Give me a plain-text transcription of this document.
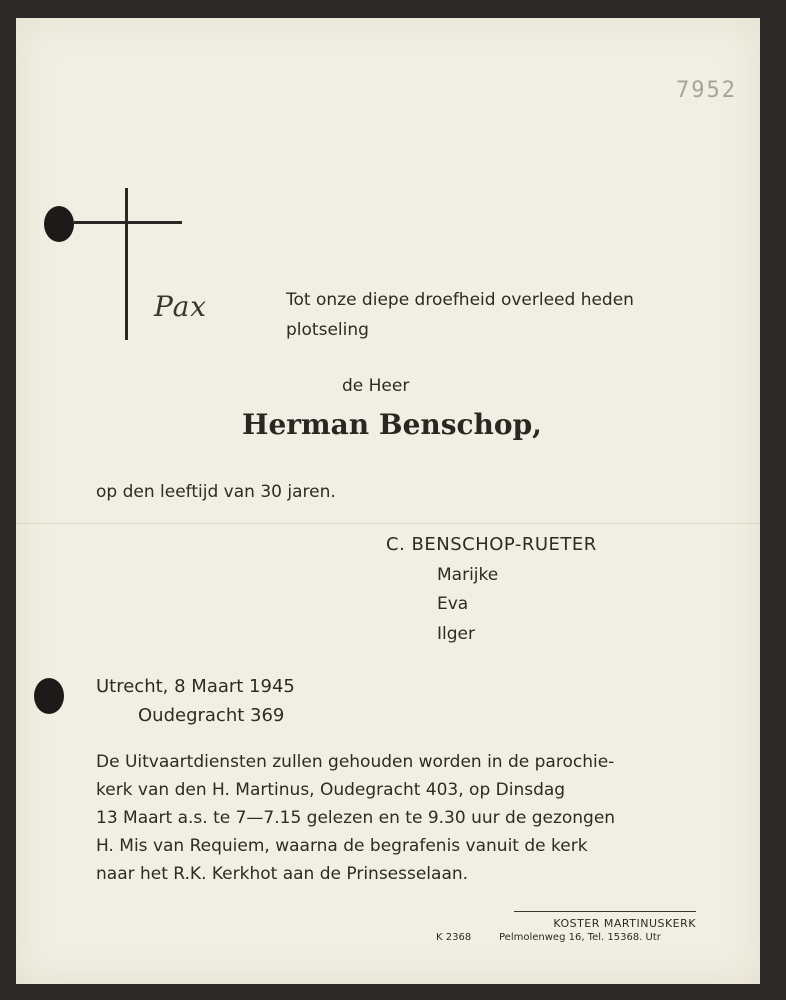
7952
Pax	Tot onze diepe droefheid overleed heden
plotseling
de Heer
Herman Benschop,
op den leeftijd van 30 jaren.
C. BENSCHOP-RUETER
Marijke
Eva
Ilger
Utrecht, 8 Maart 1945
Oudegracht 369
De Uitvaartdiensten zullen gehouden worden in de parochie-
kerk van den H. Martinus, Oudegracht 403, op Dinsdag
13 Maart a.s. te 7—7.15 gelezen en te 9.30 uur de gezongen
H. Mis van Requiem, waarna de begrafenis vanuit de kerk
naar het R.K. Kerkhot aan de Prinsesselaan.
KOSTER MARTINUSKERK
K 2368	Pelmolenweg 16, Tel. 15368. Utr
